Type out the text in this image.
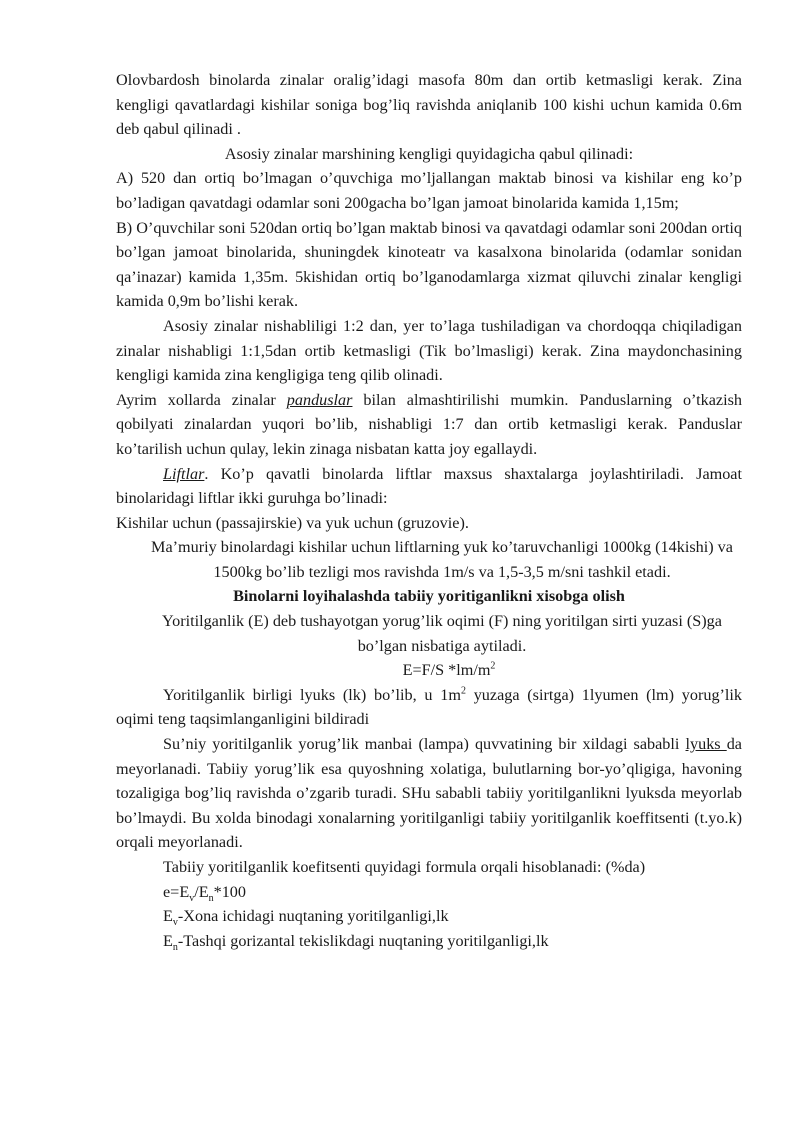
Olovbardosh binolarda zinalar oralig’idagi masofa 80m dan ortib ketmasligi kerak. Zina kengligi qavatlardagi kishilar soniga bog’liq ravishda aniqlanib 100 kishi uchun kamida 0.6m deb qabul qilinadi .

Asosiy zinalar marshining kengligi quyidagicha qabul qilinadi:

A) 520 dan ortiq bo’lmagan o’quvchiga mo’ljallangan maktab binosi va kishilar eng ko’p bo’ladigan qavatdagi odamlar soni 200gacha bo’lgan jamoat binolarida kamida 1,15m;

B) O’quvchilar soni 520dan ortiq bo’lgan maktab binosi va qavatdagi odamlar soni 200dan ortiq bo’lgan jamoat binolarida, shuningdek kinoteatr va kasalxona binolarida (odamlar sonidan qa’inazar) kamida 1,35m. 5kishidan ortiq bo’lganodamlarga xizmat qiluvchi zinalar kengligi kamida 0,9m bo’lishi kerak.

Asosiy zinalar nishabliligi 1:2 dan, yer to’laga tushiladigan va chordoqqa chiqiladigan zinalar nishabligi 1:1,5dan ortib ketmasligi (Tik bo’lmasligi) kerak. Zina maydonchasining kengligi kamida zina kengligiga teng qilib olinadi.

Ayrim xollarda zinalar panduslar bilan almashtirilishi mumkin. Panduslarning o’tkazish qobilyati zinalardan yuqori bo’lib, nishabligi 1:7 dan ortib ketmasligi kerak. Panduslar ko’tarilish uchun qulay, lekin zinaga nisbatan katta joy egallaydi.

Liftlar. Ko’p qavatli binolarda liftlar maxsus shaxtalarga joylashtiriladi. Jamoat binolaridagi liftlar ikki guruhga bo’linadi:

Kishilar uchun (passajirskie) va yuk uchun (gruzovie).

Ma’muriy binolardagi kishilar uchun liftlarning yuk ko’taruvchanligi 1000kg (14kishi) va 1500kg bo’lib tezligi mos ravishda 1m/s va 1,5-3,5 m/sni tashkil etadi.

Binolarni loyihalashda tabiiy yoritiganlikni xisobga olish

Yoritilganlik (E) deb tushayotgan yorug’lik oqimi (F) ning yoritilgan sirti yuzasi (S)ga bo’lgan nisbatiga aytiladi.

E=F/S $*lm/m^2$

Yoritilganlik birligi lyuks (lk) bo’lib, u $1m^2$ yuzaga (sirtga) 1lyumen (lm) yorug’lik oqimi teng taqsimlanganligini bildiradi

Su’niy yoritilganlik yorug’lik manbai (lampa) quvvatining bir xildagi sababli lyuks da meyorlanadi. Tabiiy yorug’lik esa quyoshning xolatiga, bulutlarning bor-yo’qligiga, havoning tozaligiga bog’liq ravishda o’zgarib turadi. SHu sababli tabiiy yoritilganlikni lyuksda meyorlab bo’lmaydi. Bu xolda binodagi xonalarning yoritilganligi tabiiy yoritilganlik koeffitsenti (t.yo.k) orqali meyorlanadi.

Tabiiy yoritilganlik koefitsenti quyidagi formula orqali hisoblanadi: (%da)

$e=E_v/E_n*100$

$E_v$-Xona ichidagi nuqtaning yoritilganligi,lk

$E_n$-Tashqi gorizantal tekislikdagi nuqtaning yoritilganligi,lk
